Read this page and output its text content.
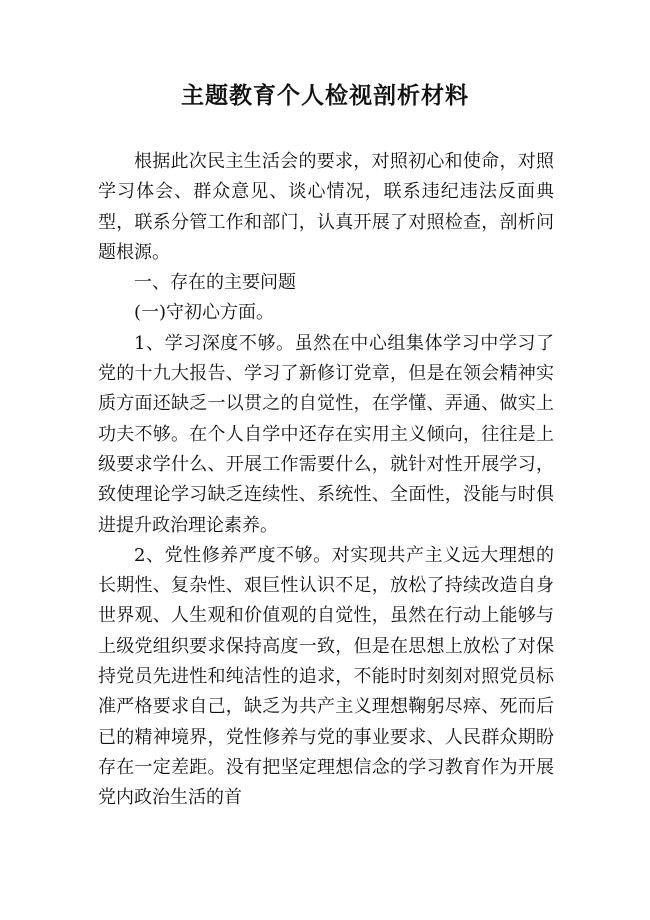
主题教育个人检视剖析材料

根据此次民主生活会的要求，对照初心和使命，对照学习体会、群众意见、谈心情况，联系违纪违法反面典型，联系分管工作和部门，认真开展了对照检查，剖析问题根源。

一、存在的主要问题

(一)守初心方面。

1、学习深度不够。虽然在中心组集体学习中学习了党的十九大报告、学习了新修订党章，但是在领会精神实质方面还缺乏一以贯之的自觉性，在学懂、弄通、做实上功夫不够。在个人自学中还存在实用主义倾向，往往是上级要求学什么、开展工作需要什么，就针对性开展学习，致使理论学习缺乏连续性、系统性、全面性，没能与时俱进提升政治理论素养。

2、党性修养严度不够。对实现共产主义远大理想的长期性、复杂性、艰巨性认识不足，放松了持续改造自身世界观、人生观和价值观的自觉性，虽然在行动上能够与上级党组织要求保持高度一致，但是在思想上放松了对保持党员先进性和纯洁性的追求，不能时时刻刻对照党员标准严格要求自己，缺乏为共产主义理想鞠躬尽瘁、死而后已的精神境界，党性修养与党的事业要求、人民群众期盼存在一定差距。没有把坚定理想信念的学习教育作为开展党内政治生活的首
